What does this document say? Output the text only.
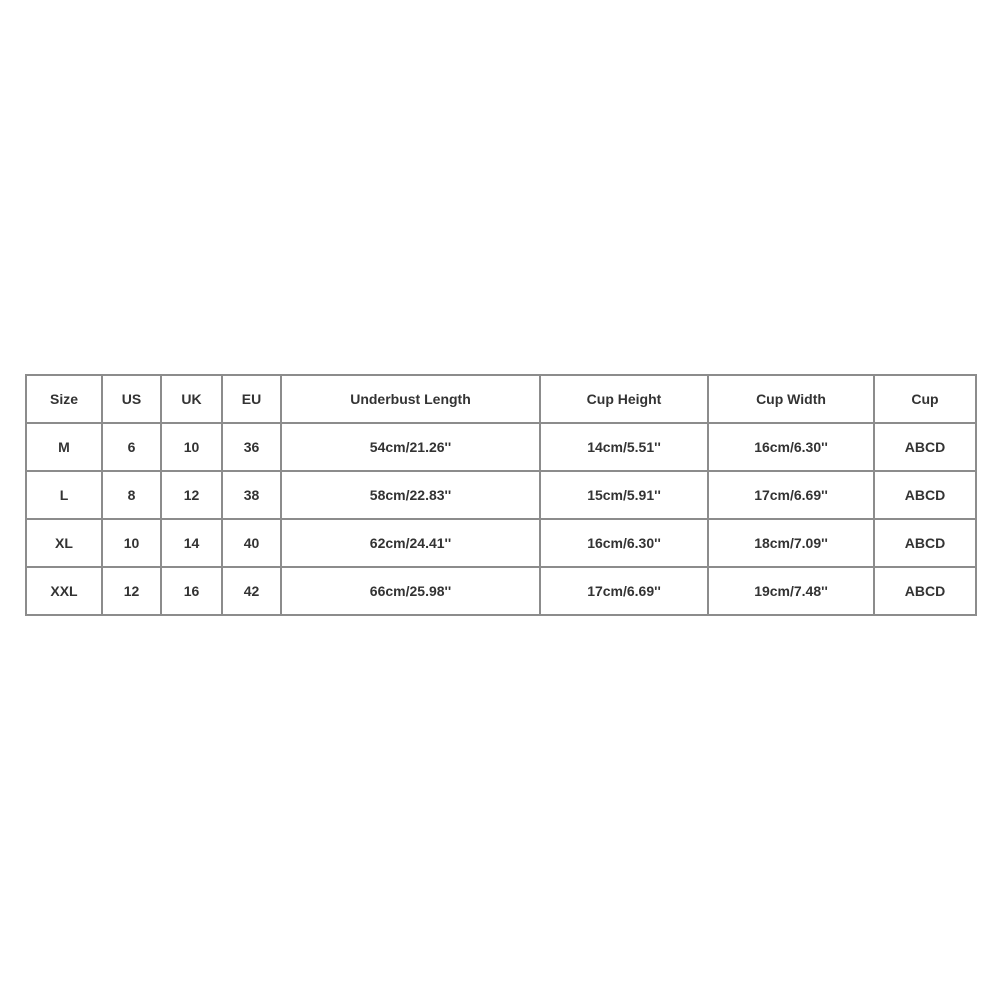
Size	US	UK	EU	Underbust Length	Cup Height	Cup Width	Cup
M	6	10	36	54cm/21.26''	14cm/5.51''	16cm/6.30''	ABCD
L	8	12	38	58cm/22.83''	15cm/5.91''	17cm/6.69''	ABCD
XL	10	14	40	62cm/24.41''	16cm/6.30''	18cm/7.09''	ABCD
XXL	12	16	42	66cm/25.98''	17cm/6.69''	19cm/7.48''	ABCD
